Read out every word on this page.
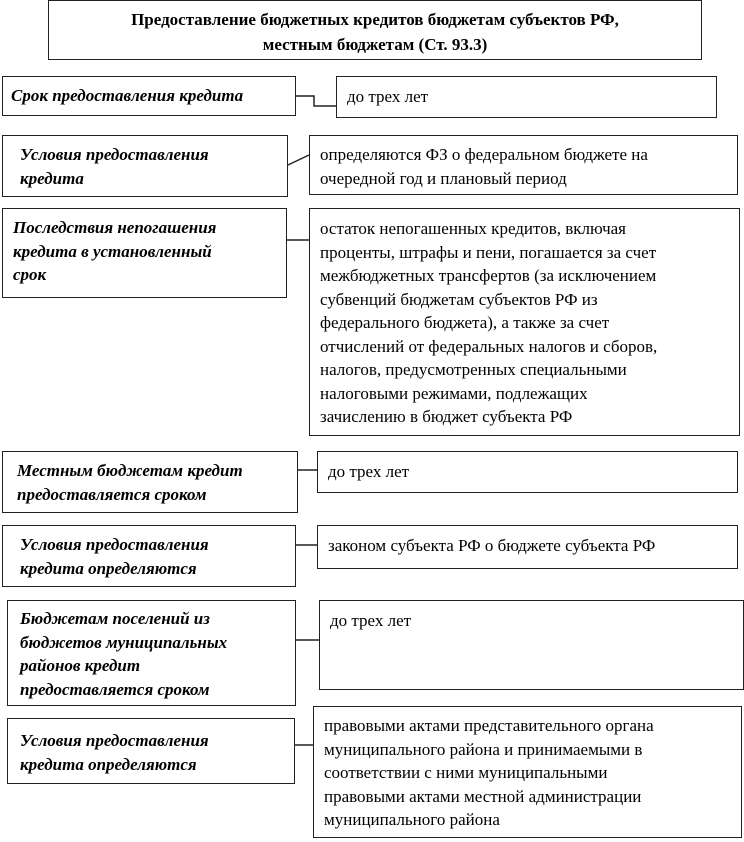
Предоставление бюджетных кредитов бюджетам субъектов РФ,
местным бюджетам (Ст. 93.3)
Срок предоставления кредита	до трех лет
Условия предоставления
кредита
определяются ФЗ о федеральном бюджете на
очередной год и плановый период
Последствия непогашения
кредита в установленный
срок
остаток непогашенных кредитов, включая
проценты, штрафы и пени, погашается за счет
межбюджетных трансфертов (за исключением
субвенций бюджетам субъектов РФ из
федерального бюджета), а также за счет
отчислений от федеральных налогов и сборов,
налогов, предусмотренных специальными
налоговыми режимами, подлежащих
зачислению в бюджет субъекта РФ
Местным бюджетам кредит
предоставляется сроком
до трех лет
Условия предоставления
кредита определяются
законом субъекта РФ о бюджете субъекта РФ
Бюджетам поселений из
бюджетов муниципальных
районов кредит
предоставляется сроком
до трех лет
Условия предоставления
кредита определяются
правовыми актами представительного органа
муниципального района и принимаемыми в
соответствии с ними муниципальными
правовыми актами местной администрации
муниципального района
